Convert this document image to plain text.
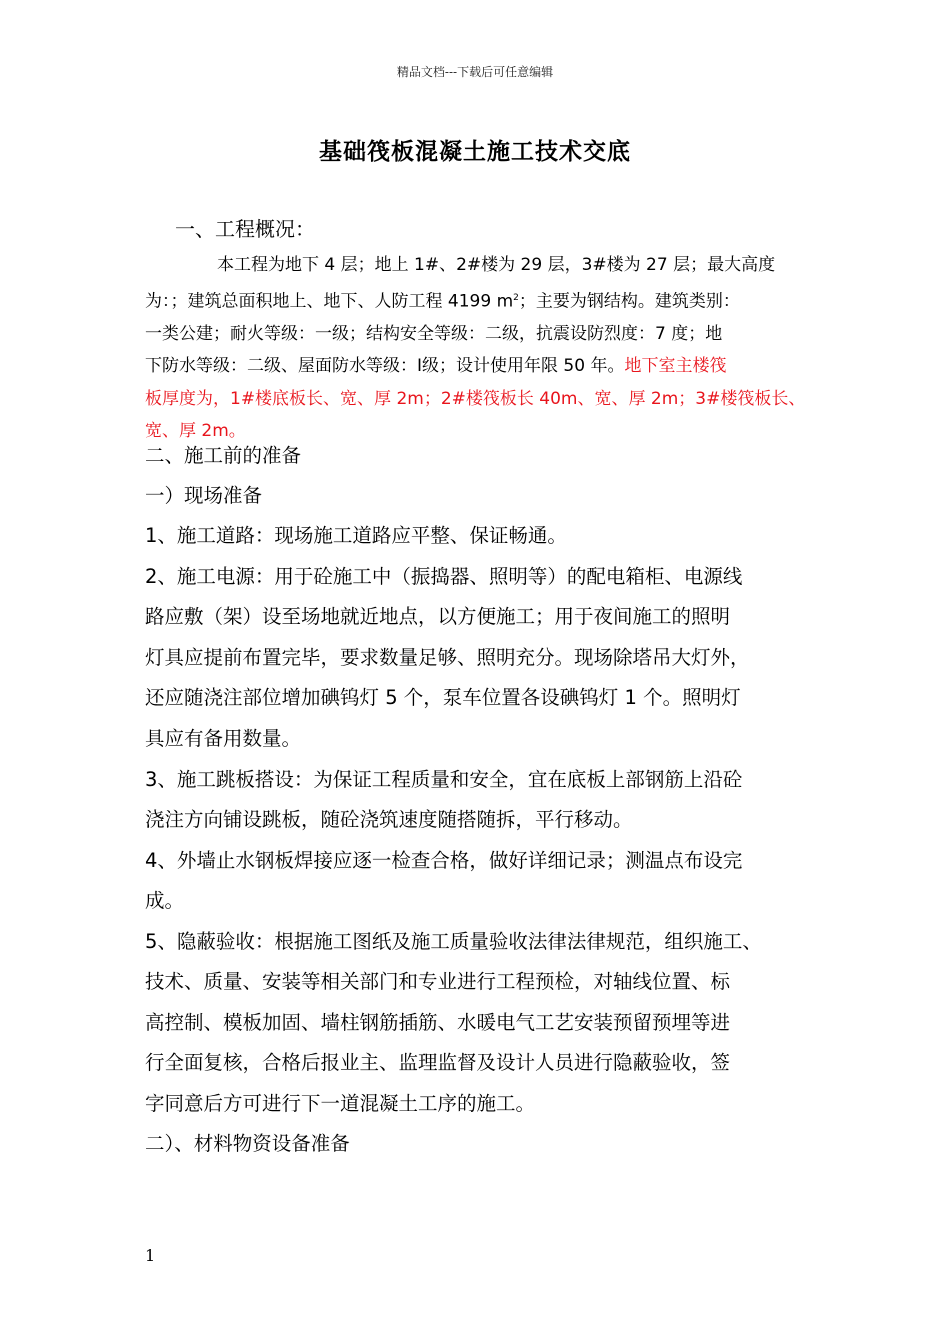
精品文档---下载后可任意编辑
基础筏板混凝土施工技术交底
一、工程概况：
本工程为地下 4 层；地上 1#、2#楼为 29 层，3#楼为 27 层；最大高度
为：；建筑总面积地上、地下、人防工程 4199 $m^2$；主要为钢结构。建筑类别：
一类公建；耐火等级：一级；结构安全等级：二级，抗震设防烈度：7 度；地
下防水等级：二级、屋面防水等级：Ⅰ级；设计使用年限 50 年。地下室主楼筏
板厚度为，1#楼底板长、宽、厚 2m；2#楼筏板长 40m、宽、厚 2m；3#楼筏板长、
宽、厚 2m。
二、施工前的准备
一）现场准备
1、施工道路：现场施工道路应平整、保证畅通。
2、施工电源：用于砼施工中（振捣器、照明等）的配电箱柜、电源线
路应敷（架）设至场地就近地点，以方便施工；用于夜间施工的照明
灯具应提前布置完毕，要求数量足够、照明充分。现场除塔吊大灯外，
还应随浇注部位增加碘钨灯 5 个，泵车位置各设碘钨灯 1 个。照明灯
具应有备用数量。
3、施工跳板搭设：为保证工程质量和安全，宜在底板上部钢筋上沿砼
浇注方向铺设跳板，随砼浇筑速度随搭随拆，平行移动。
4、外墙止水钢板焊接应逐一检查合格，做好详细记录；测温点布设完
成。
5、隐蔽验收：根据施工图纸及施工质量验收法律法律规范，组织施工、
技术、质量、安装等相关部门和专业进行工程预检，对轴线位置、标
高控制、模板加固、墙柱钢筋插筋、水暖电气工艺安装预留预埋等进
行全面复核，合格后报业主、监理监督及设计人员进行隐蔽验收，签
字同意后方可进行下一道混凝土工序的施工。
二）、材料物资设备准备
1
